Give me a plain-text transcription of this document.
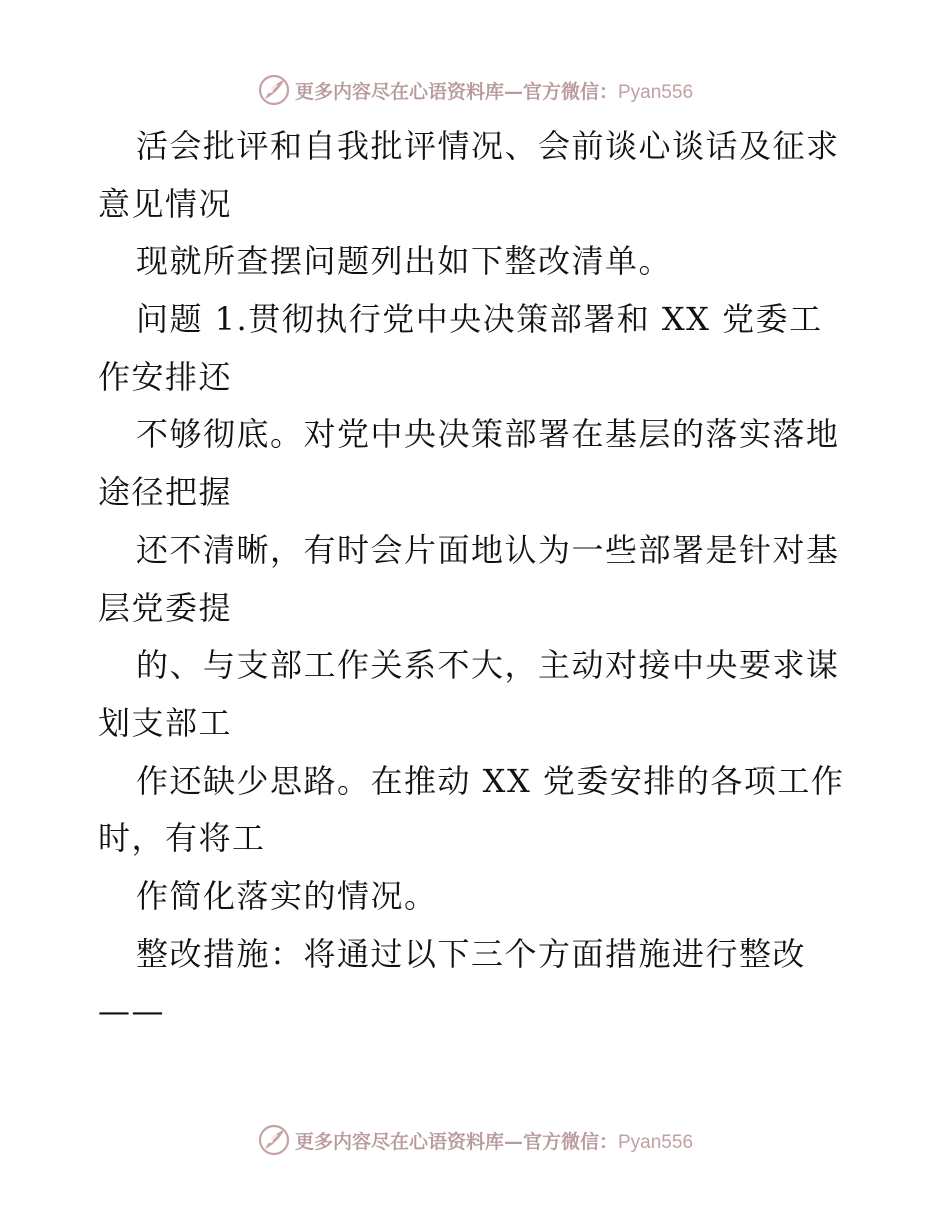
更多内容尽在心语资料库—官方微信：Pyan556
活会批评和自我批评情况、会前谈心谈话及征求
意见情况
现就所查摆问题列出如下整改清单。
问题 1.贯彻执行党中央决策部署和 XX 党委工
作安排还
不够彻底。对党中央决策部署在基层的落实落地
途径把握
还不清晰，有时会片面地认为一些部署是针对基
层党委提
的、与支部工作关系不大，主动对接中央要求谋
划支部工
作还缺少思路。在推动 XX 党委安排的各项工作
时，有将工
作简化落实的情况。
整改措施：将通过以下三个方面措施进行整改
——
更多内容尽在心语资料库—官方微信：Pyan556
